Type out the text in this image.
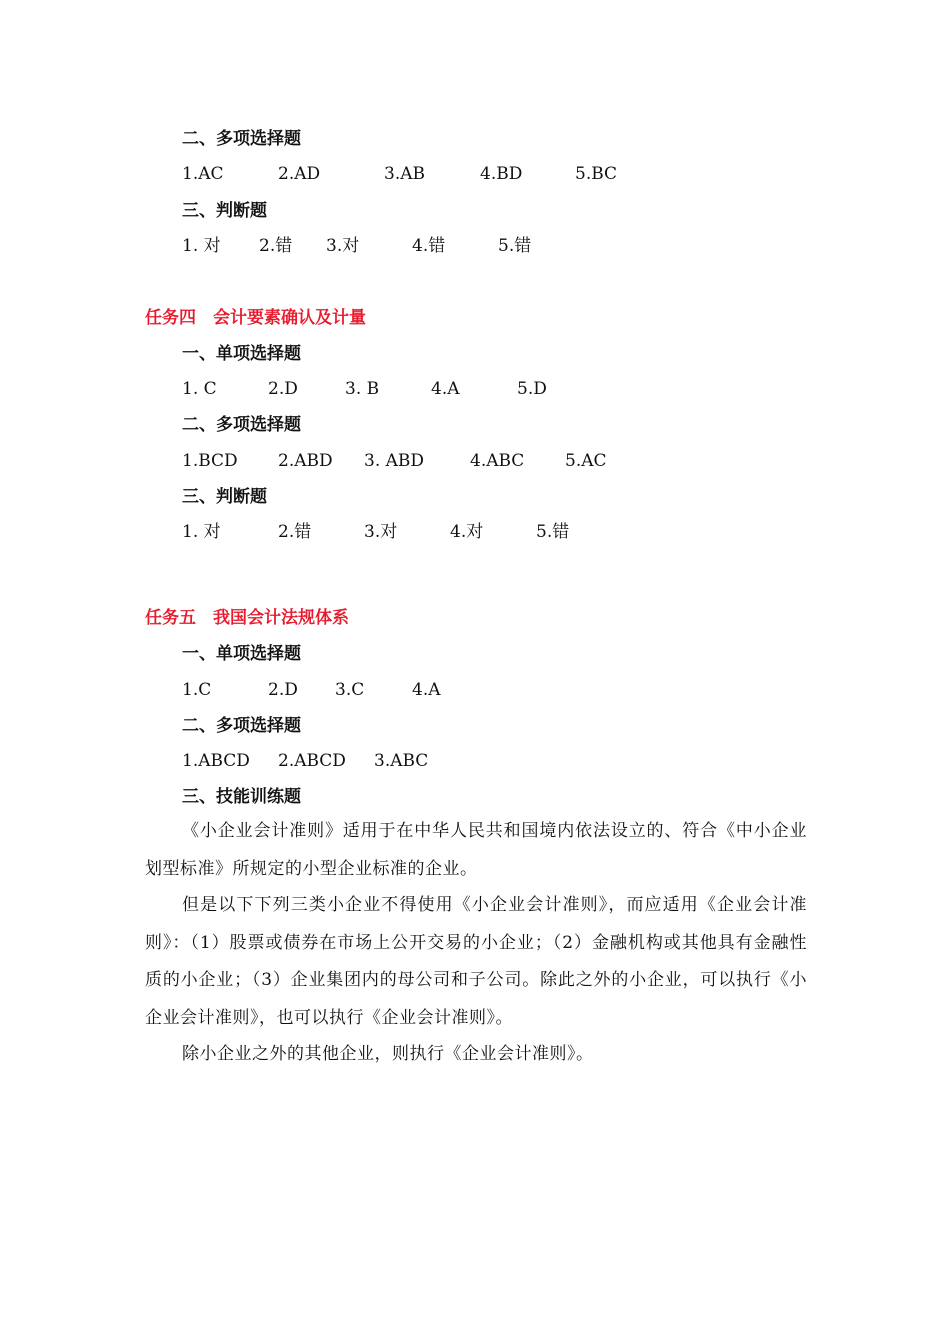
二、多项选择题
1.AC	2.AD	3.AB	4.BD	5.BC
三、判断题
1. 对 2.错 3.对	4.错	5.错
任务四　会计要素确认及计量
一、单项选择题
1. C	2.D	3. B	4.A	5.D
二、多项选择题
1.BCD 2.ABD 3. ABD	4.ABC 5.AC
三、判断题
1. 对	2.错	3.对	4.对	5.错
任务五　我国会计法规体系
一、单项选择题
1.C	2.D 3.C	4.A
二、多项选择题
1.ABCD 2.ABCD 3.ABC
三、技能训练题
《小企业会计准则》适用于在中华人民共和国境内依法设立的、符合《中小企业划型标准》所规定的小型企业标准的企业。
但是以下下列三类小企业不得使用《小企业会计准则》，而应适用《企业会计准则》：（1）股票或债券在市场上公开交易的小企业；（2）金融机构或其他具有金融性质的小企业；（3）企业集团内的母公司和子公司。除此之外的小企业，可以执行《小企业会计准则》，也可以执行《企业会计准则》。
除小企业之外的其他企业，则执行《企业会计准则》。
